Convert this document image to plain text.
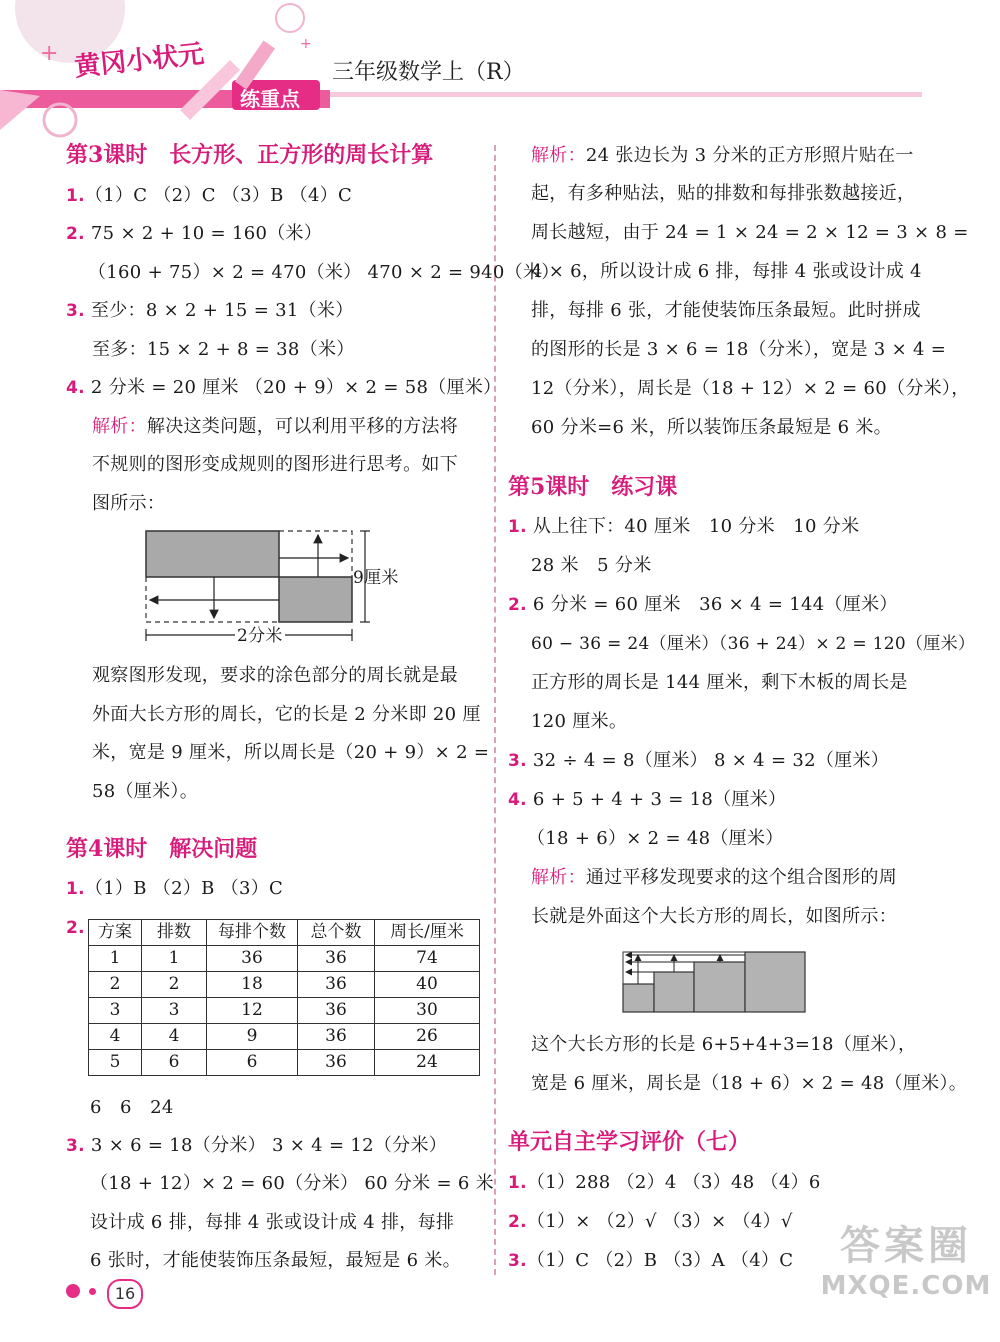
+	+
黄冈小状元
练重点
三年级数学上（R）
第3课时　长方形、正方形的周长计算
1.（1）C （2）C （3）B （4）C
2. 75 × 2 + 10 = 160（米）
（160 + 75）× 2 = 470（米） 470 × 2 = 940（米）
3. 至少：8 × 2 + 15 = 31（米）
至多：15 × 2 + 8 = 38（米）
4. 2 分米 = 20 厘米 （20 + 9）× 2 = 58（厘米）
解析：解决这类问题，可以利用平移的方法将
不规则的图形变成规则的图形进行思考。如下
图所示：
9厘米
2分米
观察图形发现，要求的涂色部分的周长就是最
外面大长方形的周长，它的长是 2 分米即 20 厘
米，宽是 9 厘米，所以周长是（20 + 9）× 2 =
58（厘米）。
第4课时　解决问题
1.（1）B （2）B （3）C
2. 方案	排数	每排个数	总个数	周长/厘米
1	1	36	36	74
2	2	18	36	40
3	3	12	36	30
4	4	9	36	26
5	6	6	36	24
6　6　24
3. 3 × 6 = 18（分米） 3 × 4 = 12（分米）
（18 + 12）× 2 = 60（分米） 60 分米 = 6 米
设计成 6 排，每排 4 张或设计成 4 排，每排
6 张时，才能使装饰压条最短，最短是 6 米。
解析：24 张边长为 3 分米的正方形照片贴在一
起，有多种贴法，贴的排数和每排张数越接近，
周长越短，由于 24 = 1 × 24 = 2 × 12 = 3 × 8 =
4 × 6，所以设计成 6 排，每排 4 张或设计成 4
排，每排 6 张，才能使装饰压条最短。此时拼成
的图形的长是 3 × 6 = 18（分米），宽是 3 × 4 =
12（分米），周长是（18 + 12）× 2 = 60（分米），
60 分米=6 米，所以装饰压条最短是 6 米。
第5课时　练习课
1. 从上往下：40 厘米　10 分米　10 分米
28 米　5 分米
2. 6 分米 = 60 厘米　36 × 4 = 144（厘米）
60 − 36 = 24（厘米）（36 + 24）× 2 = 120（厘米）
正方形的周长是 144 厘米，剩下木板的周长是
120 厘米。
3. 32 ÷ 4 = 8（厘米） 8 × 4 = 32（厘米）
4. 6 + 5 + 4 + 3 = 18（厘米）
（18 + 6）× 2 = 48（厘米）
解析：通过平移发现要求的这个组合图形的周
长就是外面这个大长方形的周长，如图所示：
这个大长方形的长是 6+5+4+3=18（厘米），
宽是 6 厘米，周长是（18 + 6）× 2 = 48（厘米）。
单元自主学习评价（七）
1.（1）288 （2）4 （3）48 （4）6
2.（1）× （2）√ （3）× （4）√
3.（1）C （2）B （3）A （4）C
16
答案圈
MXQE.COM
